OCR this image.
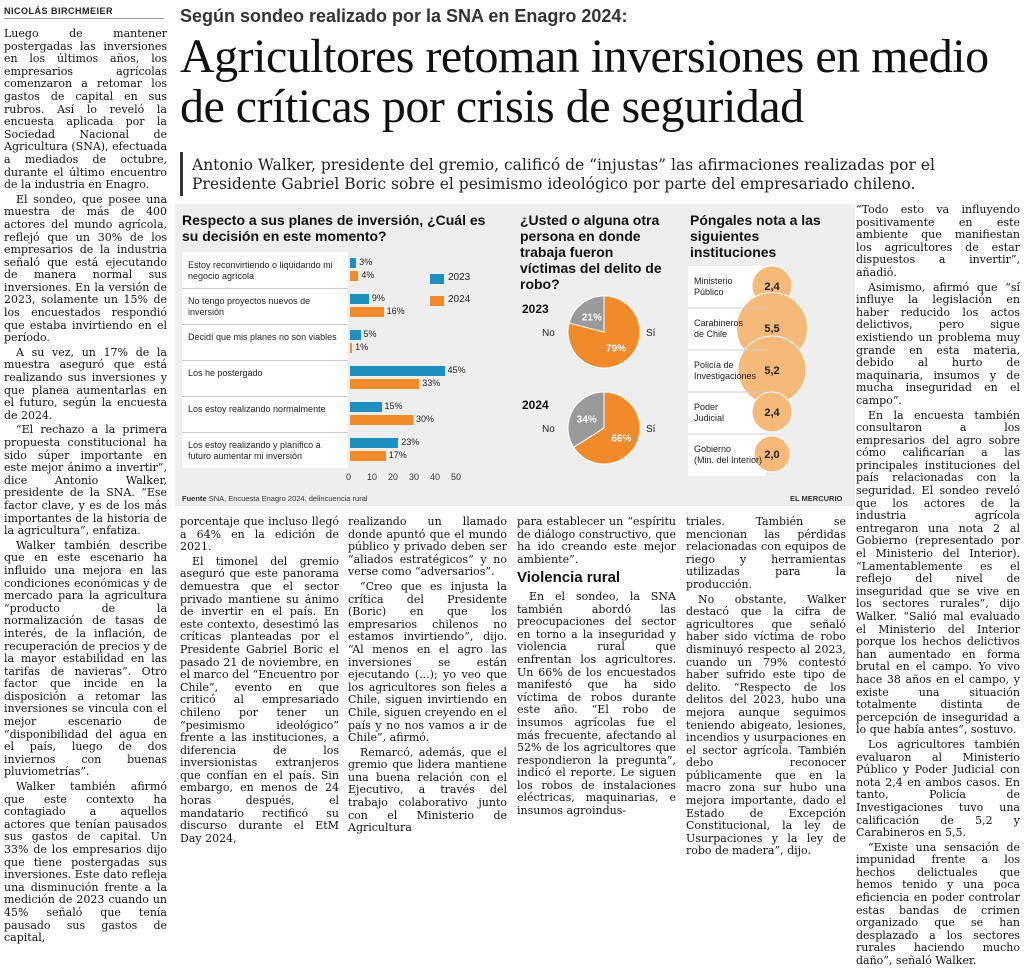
NICOLÁS BIRCHMEIER	Según sondeo realizado por la SNA en Enagro 2024:
Agricultores retoman inversiones en medio de críticas por crisis de seguridad
Antonio Walker, presidente del gremio, calificó de “injustas” las afirmaciones realizadas por el Presidente Gabriel Boric sobre el pesimismo ideológico por parte del empresariado chileno.

Luego de mantener postergadas las inversiones en los últimos años, los empresarios agrícolas comenzaron a retomar los gastos de capital en sus rubros. Así lo reveló la encuesta aplicada por la Sociedad Nacional de Agricultura (SNA), efectuada a mediados de octubre, durante el último encuentro de la industria en Enagro.

El sondeo, que posee una muestra de más de 400 actores del mundo agrícola, reflejó que un 30% de los empresarios de la industria señaló que está ejecutando de manera normal sus inversiones. En la versión de 2023, solamente un 15% de los encuestados respondió que estaba invirtiendo en el período.

A su vez, un 17% de la muestra aseguró que está realizando sus inversiones y que planea aumentarlas en el futuro, según la encuesta de 2024.

“El rechazo a la primera propuesta constitucional ha sido súper importante en este mejor ánimo a invertir”, dice Antonio Walker, presidente de la SNA. “Ese factor clave, y es de los más importantes de la historia de la agricultura”, enfatiza.

Walker también describe que en este escenario ha influido una mejora en las condiciones económicas y de mercado para la agricultura “producto de la normalización de tasas de interés, de la inflación, de recuperación de precios y de la mayor estabilidad en las tarifas de navieras”. Otro factor que incide en la disposición a retomar las inversiones se vincula con el mejor escenario de “disponibilidad del agua en el país, luego de dos inviernos con buenas pluviometrías”.

Walker también afirmó que este contexto ha contagiado a aquellos actores que tenían pausados sus gastos de capital. Un 33% de los empresarios dijo que tiene postergadas sus inversiones. Este dato refleja una disminución frente a la medición de 2023 cuando un 45% señaló que tenía pausado sus gastos de capital,

Respecto a sus planes de inversión, ¿Cuál es su decisión en este momento?
Estoy reconvirtiendo o liquidando mi negocio agrícola
3%
4%
No tengo proyectos nuevos de inversión
9%
16%
Decidí que mis planes no son viables	5%
1%
Los he postergado	45%
33%
Los estoy realizando normalmente	15%
30%
Los estoy realizando y planifico a futuro aumentar mi inversión
23%
17%
0 10 20 30 40 50
2023
2024
¿Usted o alguna otra persona en donde trabaja fueron víctimas del delito de robo?
2023
2024
79%
21%
No	Sí
66%
34%
No	Sí
Póngales nota a las siguientes instituciones
2,4
Ministerio
Público
5,5
Carabineros
de Chile
5,2
Policía de
Investigaciones
2,4
Poder
Judicial
2,0
Gobierno
(Min. del Interior)
Fuente SNA, Encuesta Enagro 2024, delincuencia rural	EL MERCURIO

porcentaje que incluso llegó a 64% en la edición de 2021.

El timonel del gremio aseguró que este panorama demuestra que el sector privado mantiene su ánimo de invertir en el país. En este contexto, desestimó las críticas planteadas por el Presidente Gabriel Boric el pasado 21 de noviembre, en el marco del “Encuentro por Chile”, evento en que criticó al empresariado chileno por tener un “pesimismo ideológico” frente a las instituciones, a diferencia de los inversionistas extranjeros que confían en el país. Sin embargo, en menos de 24 horas después, el mandatario rectificó su discurso durante el EtM Day 2024,

realizando un llamado donde apuntó que el mundo público y privado deben ser “aliados estratégicos” y no verse como “adversarios”.

“Creo que es injusta la crítica del Presidente (Boric) en que los empresarios chilenos no estamos invirtiendo”, dijo. “Al menos en el agro las inversiones se están ejecutando (...); yo veo que los agricultores son fieles a Chile, siguen invirtiendo en Chile, siguen creyendo en el país y no nos vamos a ir de Chile”, afirmó.

Remarcó, además, que el gremio que lidera mantiene una buena relación con el Ejecutivo, a través del trabajo colaborativo junto con el Ministerio de Agricultura

para establecer un “espíritu de diálogo constructivo, que ha ido creando este mejor ambiente”.

Violencia rural

En el sondeo, la SNA también abordó las preocupaciones del sector en torno a la inseguridad y violencia rural que enfrentan los agricultores. Un 66% de los encuestados manifestó que ha sido víctima de robos durante este año. “El robo de insumos agrícolas fue el más frecuente, afectando al 52% de los agricultores que respondieron la pregunta”, indicó el reporte. Le siguen los robos de instalaciones eléctricas, maquinarias, e insumos agroindus-

triales. También se mencionan las pérdidas relacionadas con equipos de riego y herramientas utilizadas para la producción.

No obstante, Walker destacó que la cifra de agricultores que señaló haber sido víctima de robo disminuyó respecto al 2023, cuando un 79% contestó haber sufrido este tipo de delito. “Respecto de los delitos del 2023, hubo una mejora aunque seguimos teniendo abigeato, lesiones, incendios y usurpaciones en el sector agrícola. También debo reconocer públicamente que en la macro zona sur hubo una mejora importante, dado el Estado de Excepción Constitucional, la ley de Usurpaciones y la ley de robo de madera”, dijo.

“Todo esto va influyendo positivamente en este ambiente que manifiestan los agricultores de estar dispuestos a invertir”, añadió.

Asimismo, afirmó que “sí influye la legislación en haber reducido los actos delictivos, pero sigue existiendo un problema muy grande en esta materia, debido al hurto de maquinaria, insumos y de mucha inseguridad en el campo”.

En la encuesta también consultaron a los empresarios del agro sobre cómo calificarían a las principales instituciones del país relacionadas con la seguridad. El sondeo reveló que los actores de la industria agrícola entregaron una nota 2 al Gobierno (representado por el Ministerio del Interior). “Lamentablemente es el reflejo del nivel de inseguridad que se vive en los sectores rurales”, dijo Walker. “Salió mal evaluado el Ministerio del Interior porque los hechos delictivos han aumentado en forma brutal en el campo. Yo vivo hace 38 años en el campo, y existe una situación totalmente distinta de percepción de inseguridad a lo que había antes”, sostuvo.

Los agricultores también evaluaron al Ministerio Público y Poder Judicial con nota 2,4 en ambos casos. En tanto, Policía de Investigaciones tuvo una calificación de 5,2 y Carabineros en 5,5.

“Existe una sensación de impunidad frente a los hechos delictuales que hemos tenido y una poca eficiencia en poder controlar estas bandas de crimen organizado que se han desplazado a los sectores rurales haciendo mucho daño”, señaló Walker.
